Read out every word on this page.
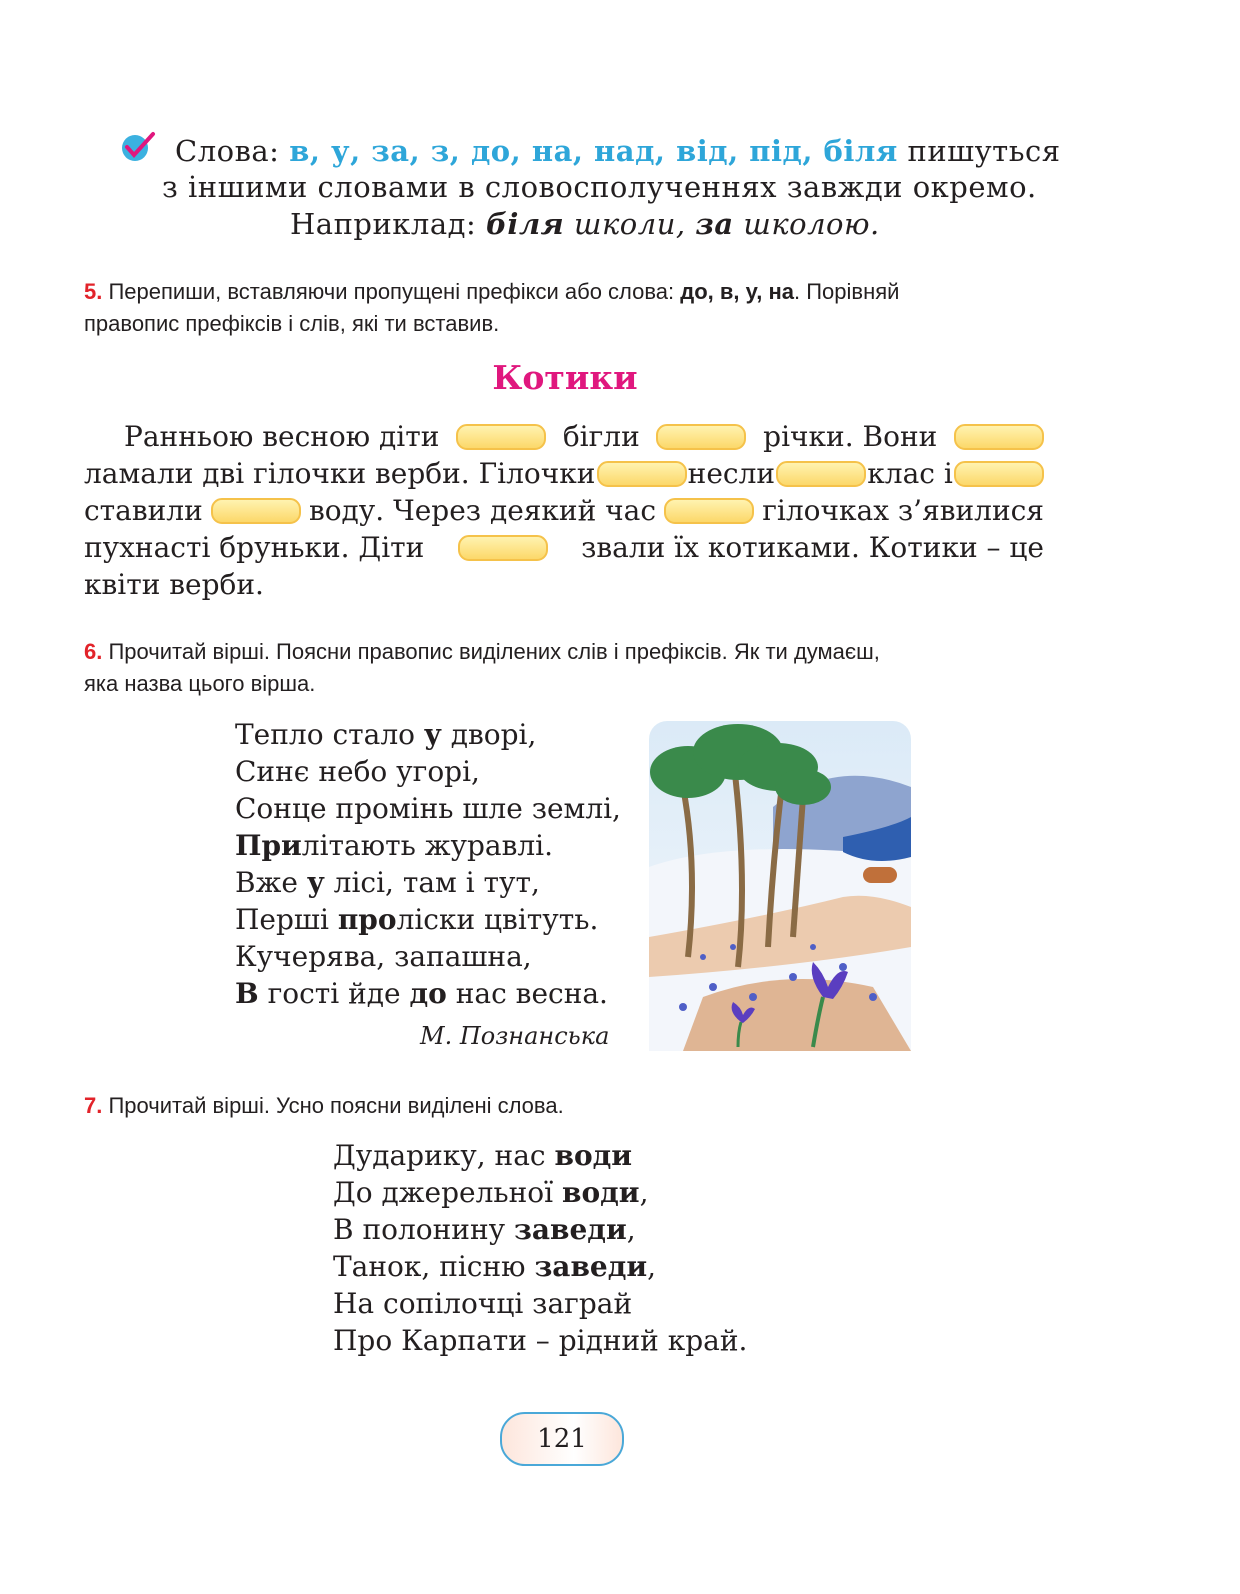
Слова: в, у, за, з, до, на, над, від, під, біля пишуться
з іншими словами в словосполученнях завжди окремо.
Наприклад: біля школи, за школою.
5. Перепиши, вставляючи пропущені префікси або слова: до, в, у, на. Порівняй
правопис префіксів і слів, які ти вставив.
Котики
Ранньою весною діти	бігли	річки. Вони
ламали дві гілочки верби. Гілочки	несли	клас і
ставили	воду. Через деякий час	гілочках з’явилися
пухнасті бруньки. Діти	звали їх котиками. Котики – це
квіти верби.
6. Прочитай вірші. Поясни правопис виділених слів і префіксів. Як ти думаєш,
яка назва цього вірша.
Тепло стало у дворі,
Синє небо угорі,
Сонце промінь шле землі,
Прилітають журавлі.
Вже у лісі, там і тут,
Перші проліски цвітуть.
Кучерява, запашна,
В гості йде до нас весна.
М. Познанська
7. Прочитай вірші. Усно поясни виділені слова.
Дударику, нас води
До джерельної води,
В полонину заведи,
Танок, пісню заведи,
На сопілочці заграй
Про Карпати – рідний край.
121
